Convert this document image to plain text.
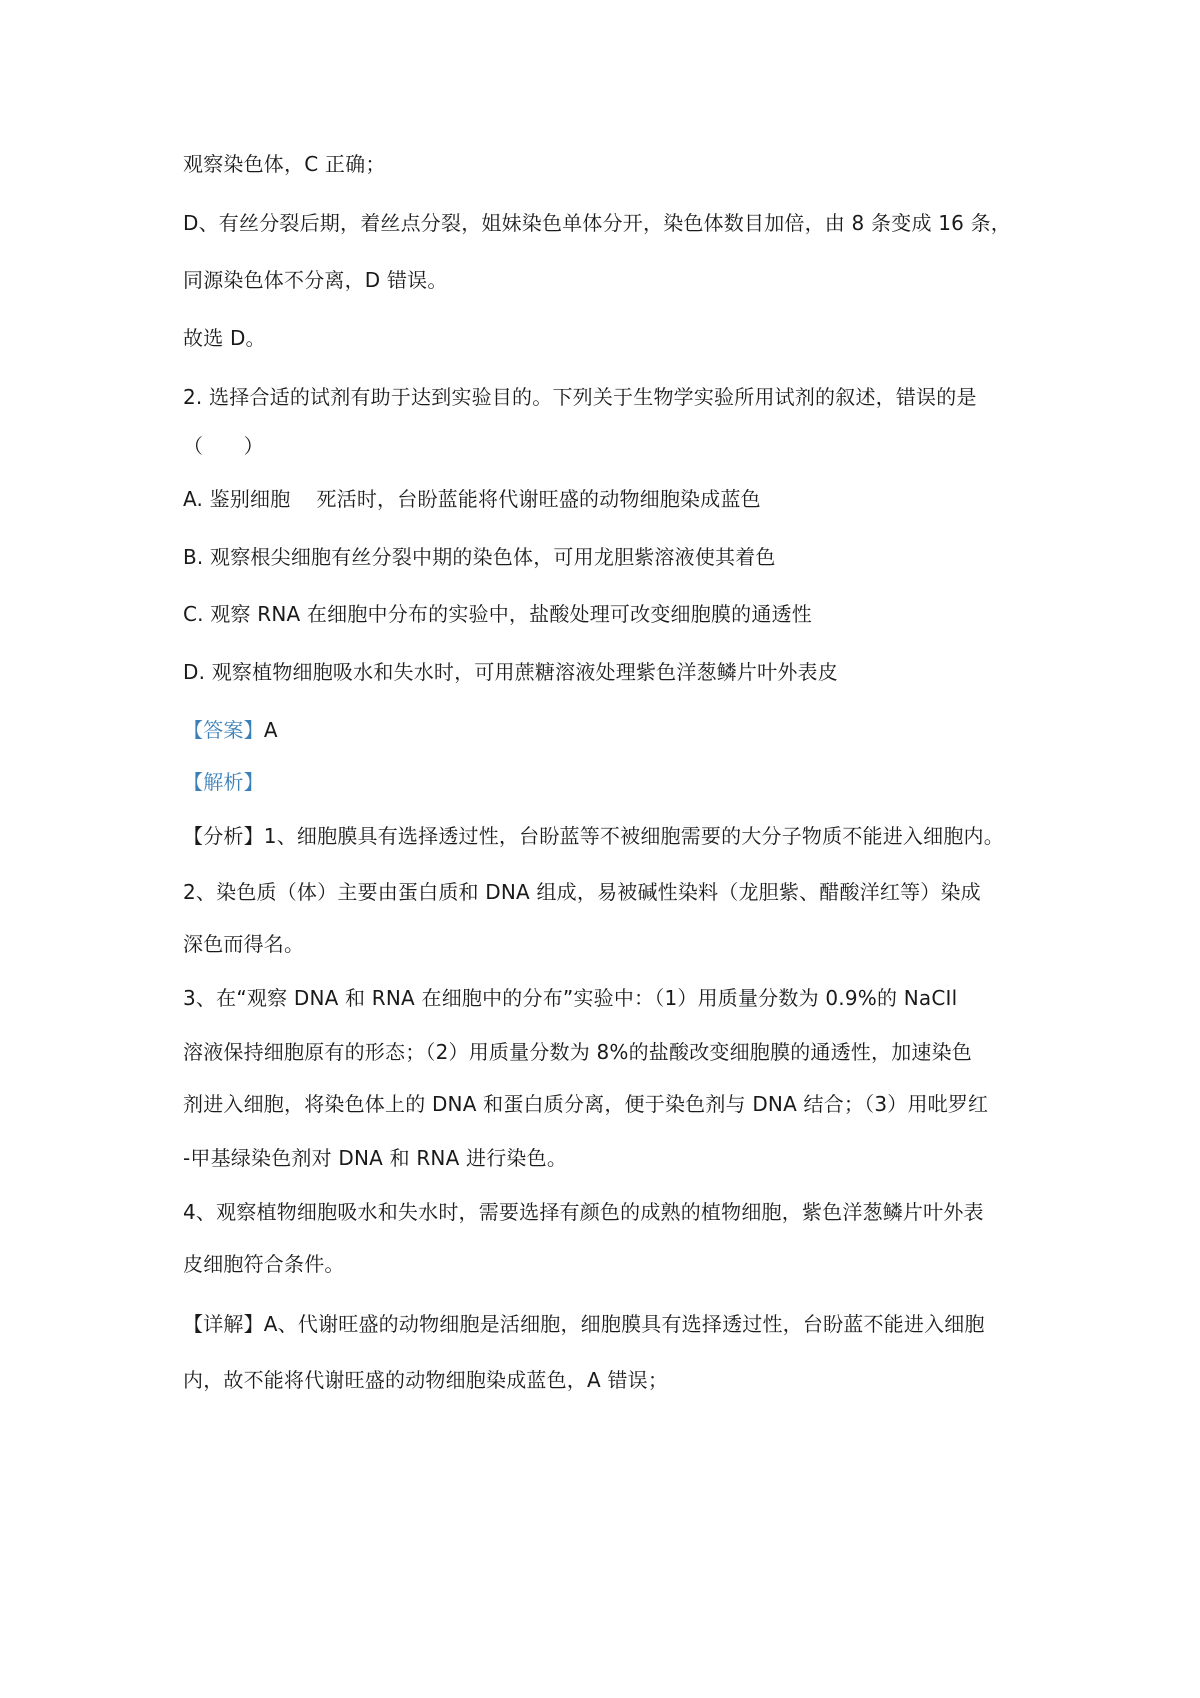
观察染色体，C 正确；
D、有丝分裂后期，着丝点分裂，姐妹染色单体分开，染色体数目加倍，由 8 条变成 16 条，
同源染色体不分离，D 错误。
故选 D。
2. 选择合适的试剂有助于达到实验目的。下列关于生物学实验所用试剂的叙述，错误的是
（　　）
A. 鉴别细胞 死活时，台盼蓝能将代谢旺盛的动物细胞染成蓝色
B. 观察根尖细胞有丝分裂中期的染色体，可用龙胆紫溶液使其着色
C. 观察 RNA 在细胞中分布的实验中，盐酸处理可改变细胞膜的通透性
D. 观察植物细胞吸水和失水时，可用蔗糖溶液处理紫色洋葱鳞片叶外表皮
【答案】A
【解析】
【分析】1、细胞膜具有选择透过性，台盼蓝等不被细胞需要的大分子物质不能进入细胞内。
2、染色质（体）主要由蛋白质和 DNA 组成，易被碱性染料（龙胆紫、醋酸洋红等）染成
深色而得名。
3、在“观察 DNA 和 RNA 在细胞中的分布”实验中：（1）用质量分数为 0.9%的 NaCIl
溶液保持细胞原有的形态；（2）用质量分数为 8%的盐酸改变细胞膜的通透性，加速染色
剂进入细胞，将染色体上的 DNA 和蛋白质分离，便于染色剂与 DNA 结合；（3）用吡罗红
-甲基绿染色剂对 DNA 和 RNA 进行染色。
4、观察植物细胞吸水和失水时，需要选择有颜色的成熟的植物细胞，紫色洋葱鳞片叶外表
皮细胞符合条件。
【详解】A、代谢旺盛的动物细胞是活细胞，细胞膜具有选择透过性，台盼蓝不能进入细胞
内，故不能将代谢旺盛的动物细胞染成蓝色，A 错误；
